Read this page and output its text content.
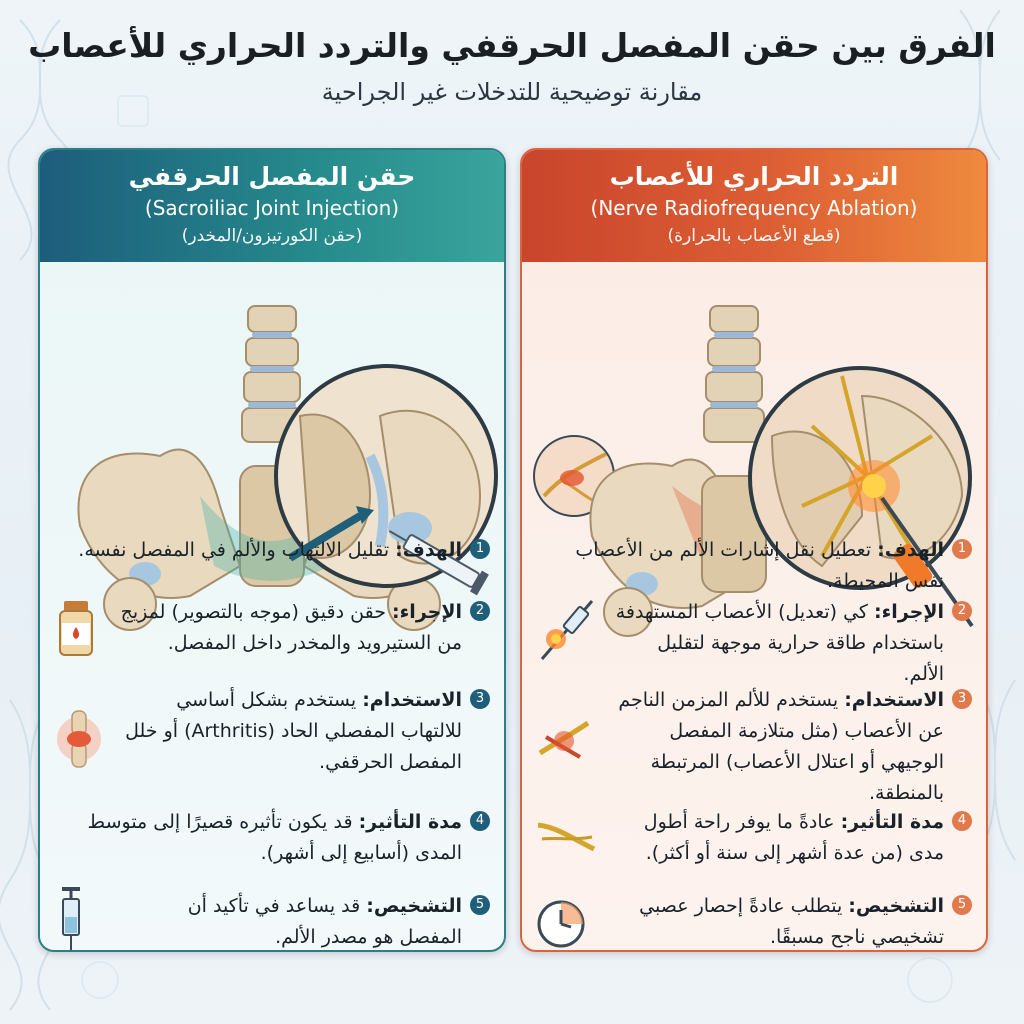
الفرق بين حقن المفصل الحرقفي والتردد الحراري للأعصاب
مقارنة توضيحية للتدخلات غير الجراحية
حقن المفصل الحرقفي
(Sacroiliac Joint Injection)
(حقن الكورتيزون/المخدر)
1
الهدف: تقليل الالتهاب والألم في المفصل نفسه.
2
الإجراء: حقن دقيق (موجه بالتصوير) لمزيج من الستيرويد والمخدر داخل المفصل.
3
الاستخدام: يستخدم بشكل أساسي للالتهاب المفصلي الحاد (Arthritis) أو خلل المفصل الحرقفي.
4
مدة التأثير: قد يكون تأثيره قصيرًا إلى متوسط المدى (أسابيع إلى أشهر).
5
التشخيص: قد يساعد في تأكيد أن المفصل هو مصدر الألم.
التردد الحراري للأعصاب
(Nerve Radiofrequency Ablation)
(قطع الأعصاب بالحرارة)
1
الهدف: تعطيل نقل إشارات الألم من الأعصاب نفس المحيطة.
2
الإجراء: كي (تعديل) الأعصاب المستهدفة باستخدام طاقة حرارية موجهة لتقليل الألم.
3
الاستخدام: يستخدم للألم المزمن الناجم عن الأعصاب (مثل متلازمة المفصل الوجيهي أو اعتلال الأعصاب) المرتبطة بالمنطقة.
4
مدة التأثير: عادةً ما يوفر راحة أطول مدى (من عدة أشهر إلى سنة أو أكثر).
5
التشخيص: يتطلب عادةً إحصار عصبي تشخيصي ناجح مسبقًا.
